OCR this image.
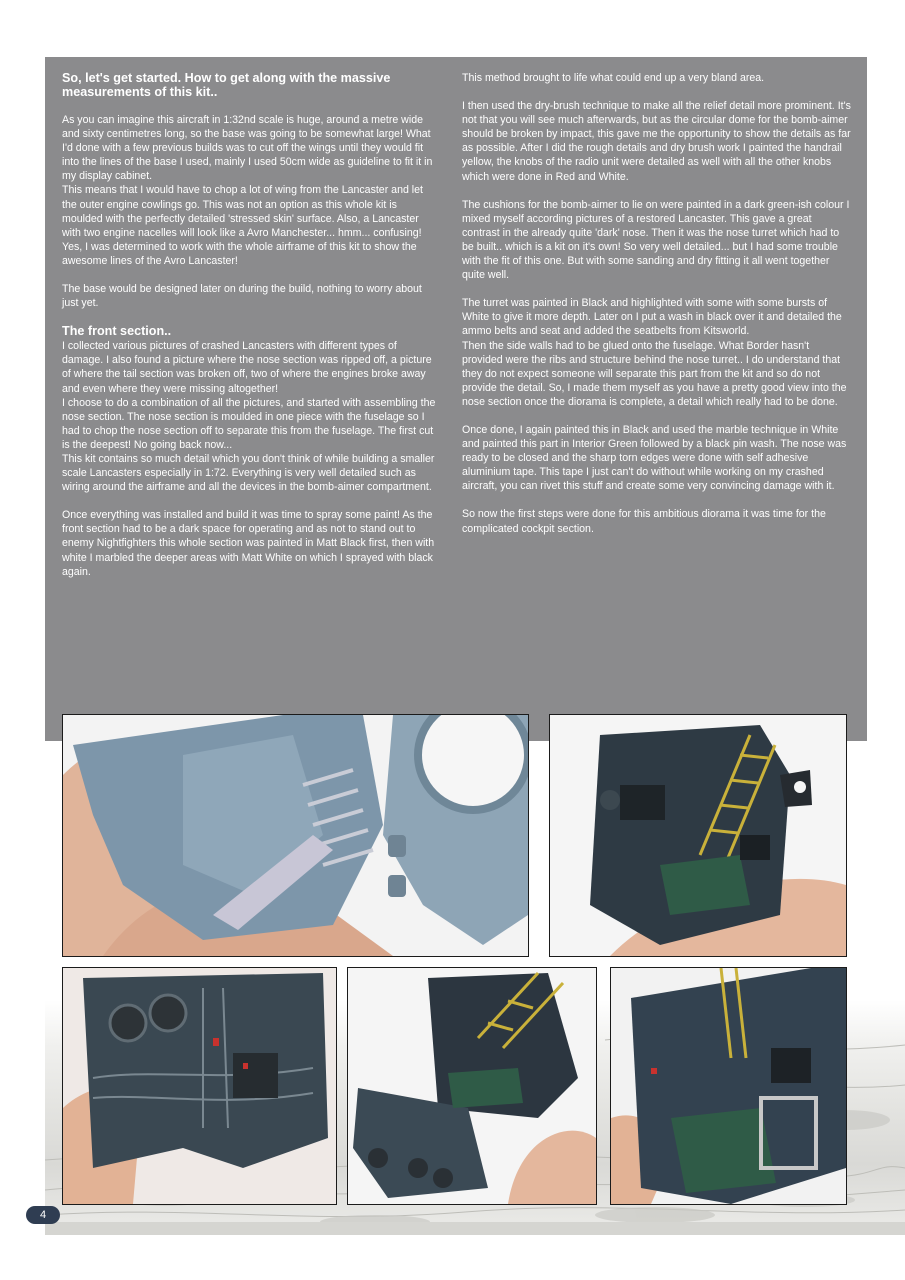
So, let's get started. How to get along with the massive measurements of this kit..

As you can imagine this aircraft in 1:32nd scale is huge, around a metre wide and sixty centimetres long, so the base was going to be somewhat large! What I'd done with a few previous builds was to cut off the wings until they would fit into the lines of the base I used, mainly I used 50cm wide as guideline to fit it in my display cabinet.
This means that I would have to chop a lot of wing from the Lancaster and let the outer engine cowlings go. This was not an option as this whole kit is moulded with the perfectly detailed 'stressed skin' surface. Also, a Lancaster with two engine nacelles will look like a Avro Manchester... hmm... confusing! Yes, I was determined to work with the whole airframe of this kit to show the awesome lines of the Avro Lancaster!

The base would be designed later on during the build, nothing to worry about just yet.

The front section..

I collected various pictures of crashed Lancasters with different types of damage. I also found a picture where the nose section was ripped off, a picture of where the tail section was broken off, two of where the engines broke away and even where they were missing altogether!
I choose to do a combination of all the pictures, and started with assembling the nose section. The nose section is moulded in one piece with the fuselage so I had to chop the nose section off to separate this from the fuselage. The first cut is the deepest! No going back now...
This kit contains so much detail which you don't think of while building a smaller scale Lancasters especially in 1:72. Everything is very well detailed such as wiring around the airframe and all the devices in the bomb-aimer compartment.

Once everything was installed and build it was time to spray some paint! As the front section had to be a dark space for operating and as not to stand out to enemy Nightfighters this whole section was painted in Matt Black first, then with white I marbled the deeper areas with Matt White on which I sprayed with black again.

This method brought to life what could end up a very bland area.

I then used the dry-brush technique to make all the relief detail more prominent. It's not that you will see much afterwards, but as the circular dome for the bomb-aimer should be broken by impact, this gave me the opportunity to show the details as far as possible. After I did the rough details and dry brush work I painted the handrail yellow, the knobs of the radio unit were detailed as well with all the other knobs which were done in Red and White.

The cushions for the bomb-aimer to lie on were painted in a dark green-ish colour I mixed myself according pictures of a restored Lancaster. This gave a great contrast in the already quite 'dark' nose. Then it was the nose turret which had to be built.. which is a kit on it's own! So very well detailed... but I had some trouble with the fit of this one. But with some sanding and dry fitting it all went together quite well.

The turret was painted in Black and highlighted with some with some bursts of White to give it more depth. Later on I put a wash in black over it and detailed the ammo belts and seat and added the seatbelts from Kitsworld.
Then the side walls had to be glued onto the fuselage. What Border hasn't provided were the ribs and structure behind the nose turret.. I do understand that they do not expect someone will separate this part from the kit and so do not provide the detail. So, I made them myself as you have a pretty good view into the nose section once the diorama is complete, a detail which really had to be done.

Once done, I again painted this in Black and used the marble technique in White and painted this part in Interior Green followed by a black pin wash. The nose was ready to be closed and the sharp torn edges were done with self adhesive aluminium tape. This tape I just can't do without while working on my crashed aircraft, you can rivet this stuff and create some very convincing damage with it.

So now the first steps were done for this ambitious diorama it was time for the complicated cockpit section.

4
